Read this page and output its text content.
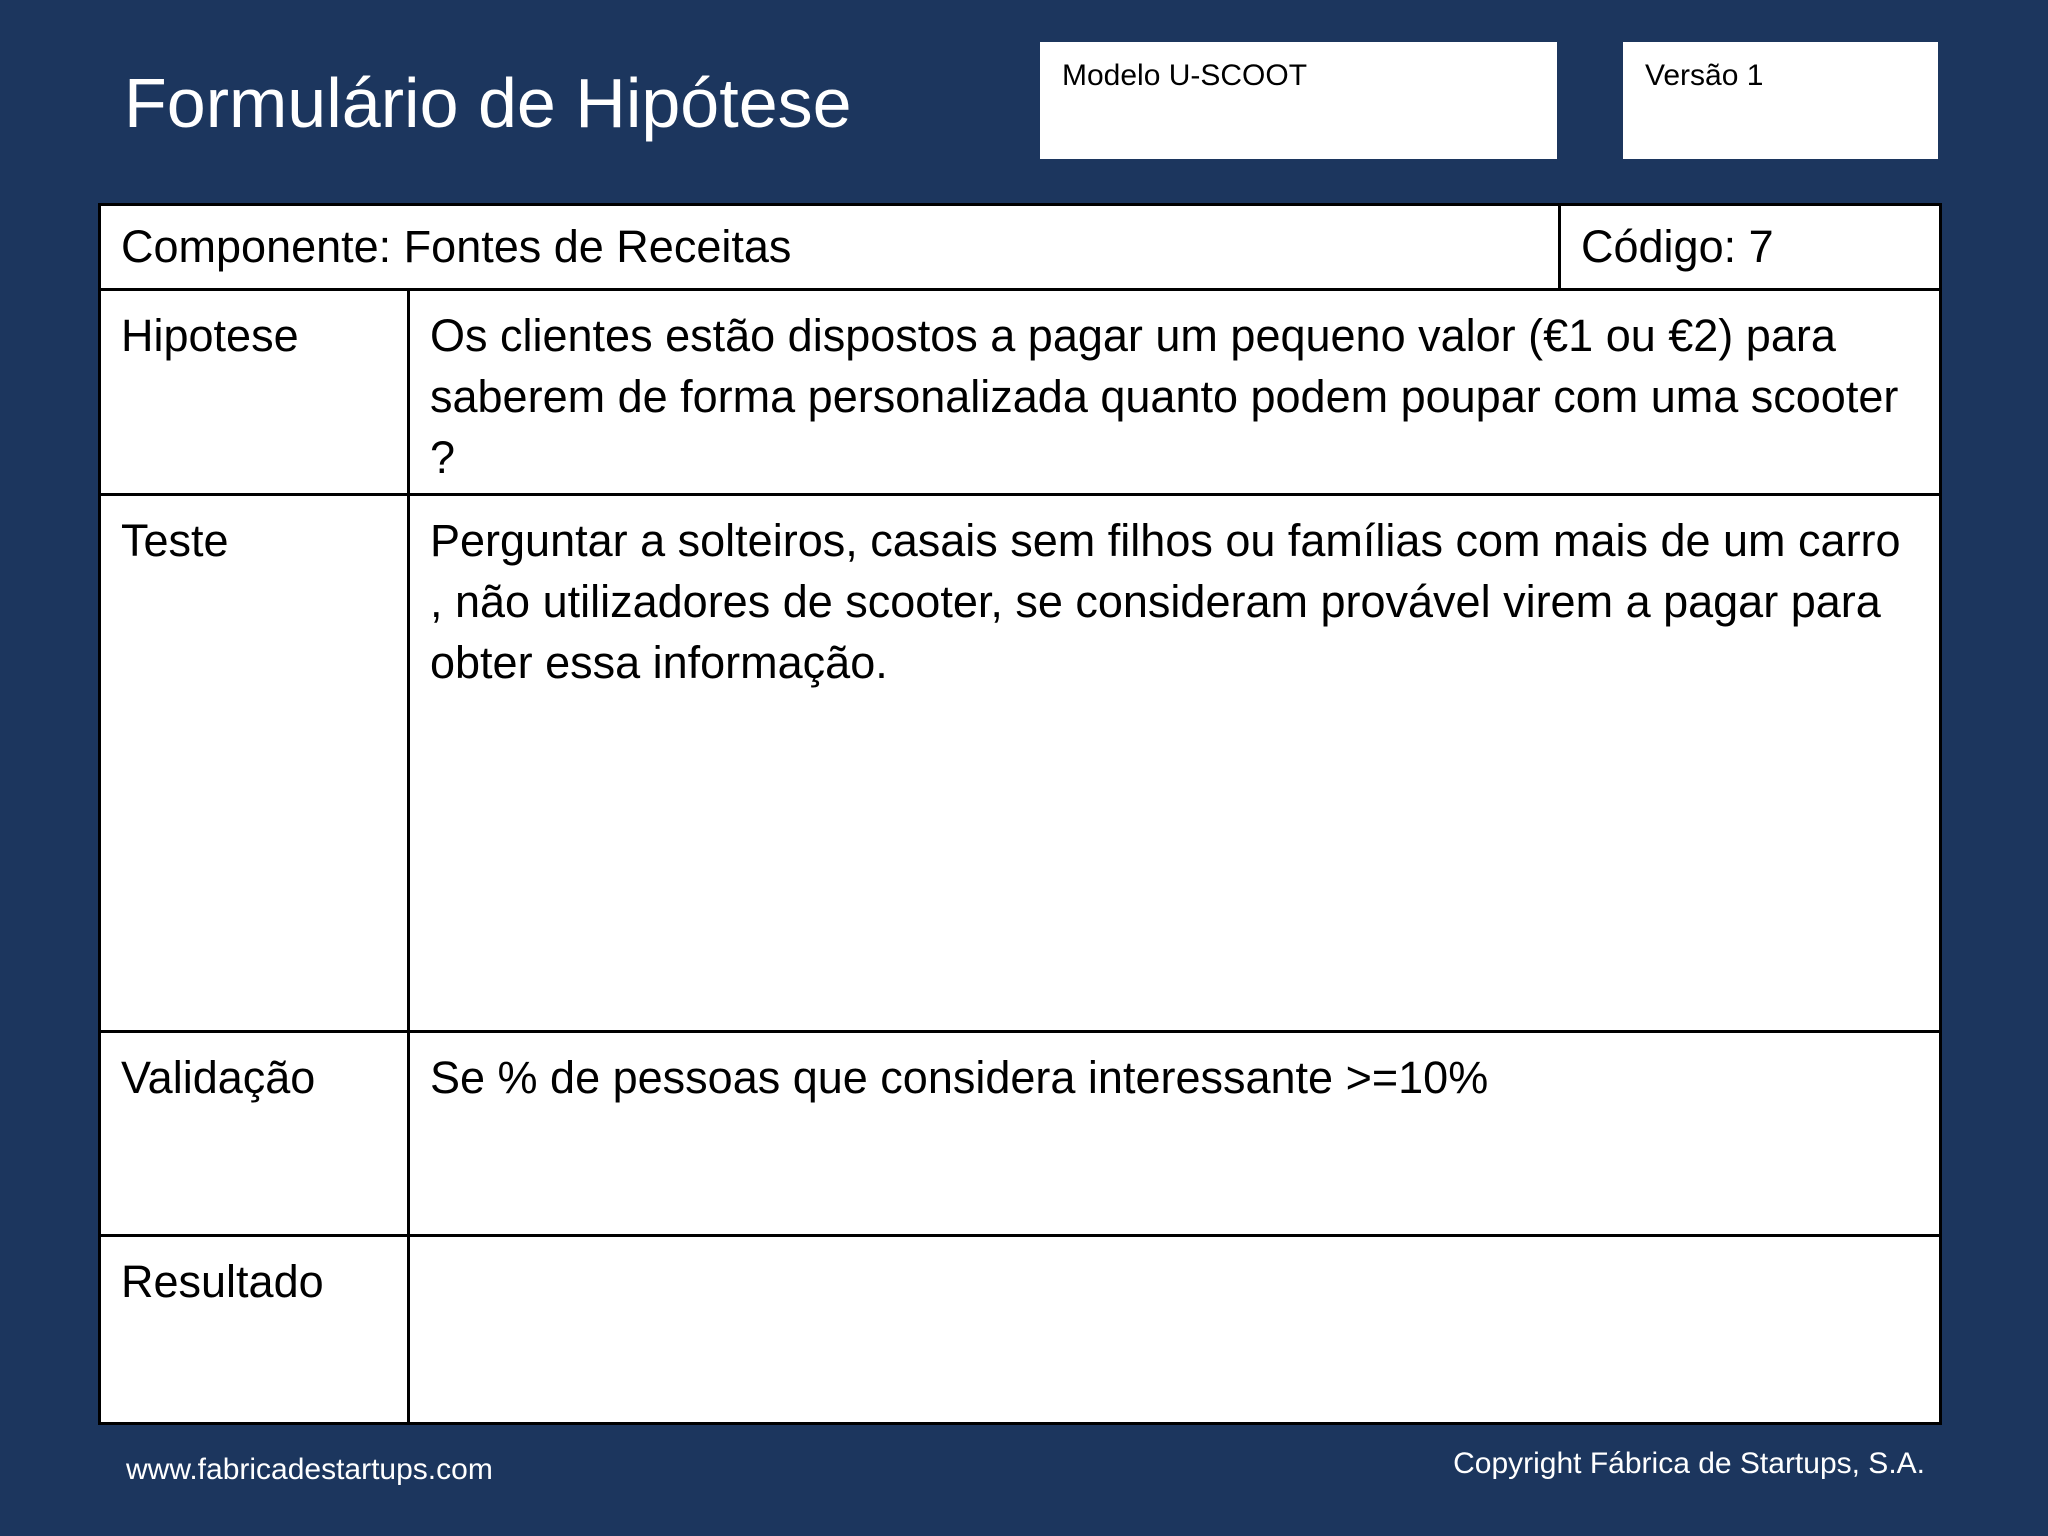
Formulário de Hipótese	Modelo U-SCOOT	Versão 1
Componente: Fontes de Receitas	Código: 7
Hipotese	Os clientes estão dispostos a pagar um pequeno valor (€1 ou €2) para saberem de forma personalizada quanto podem poupar com uma scooter ?
Teste	Perguntar a solteiros, casais sem filhos ou famílias com mais de um carro , não utilizadores de scooter, se consideram provável virem a pagar para obter essa informação.
Validação	Se % de pessoas que considera interessante >=10%
Resultado
www.fabricadestartups.com	Copyright Fábrica de Startups, S.A.
